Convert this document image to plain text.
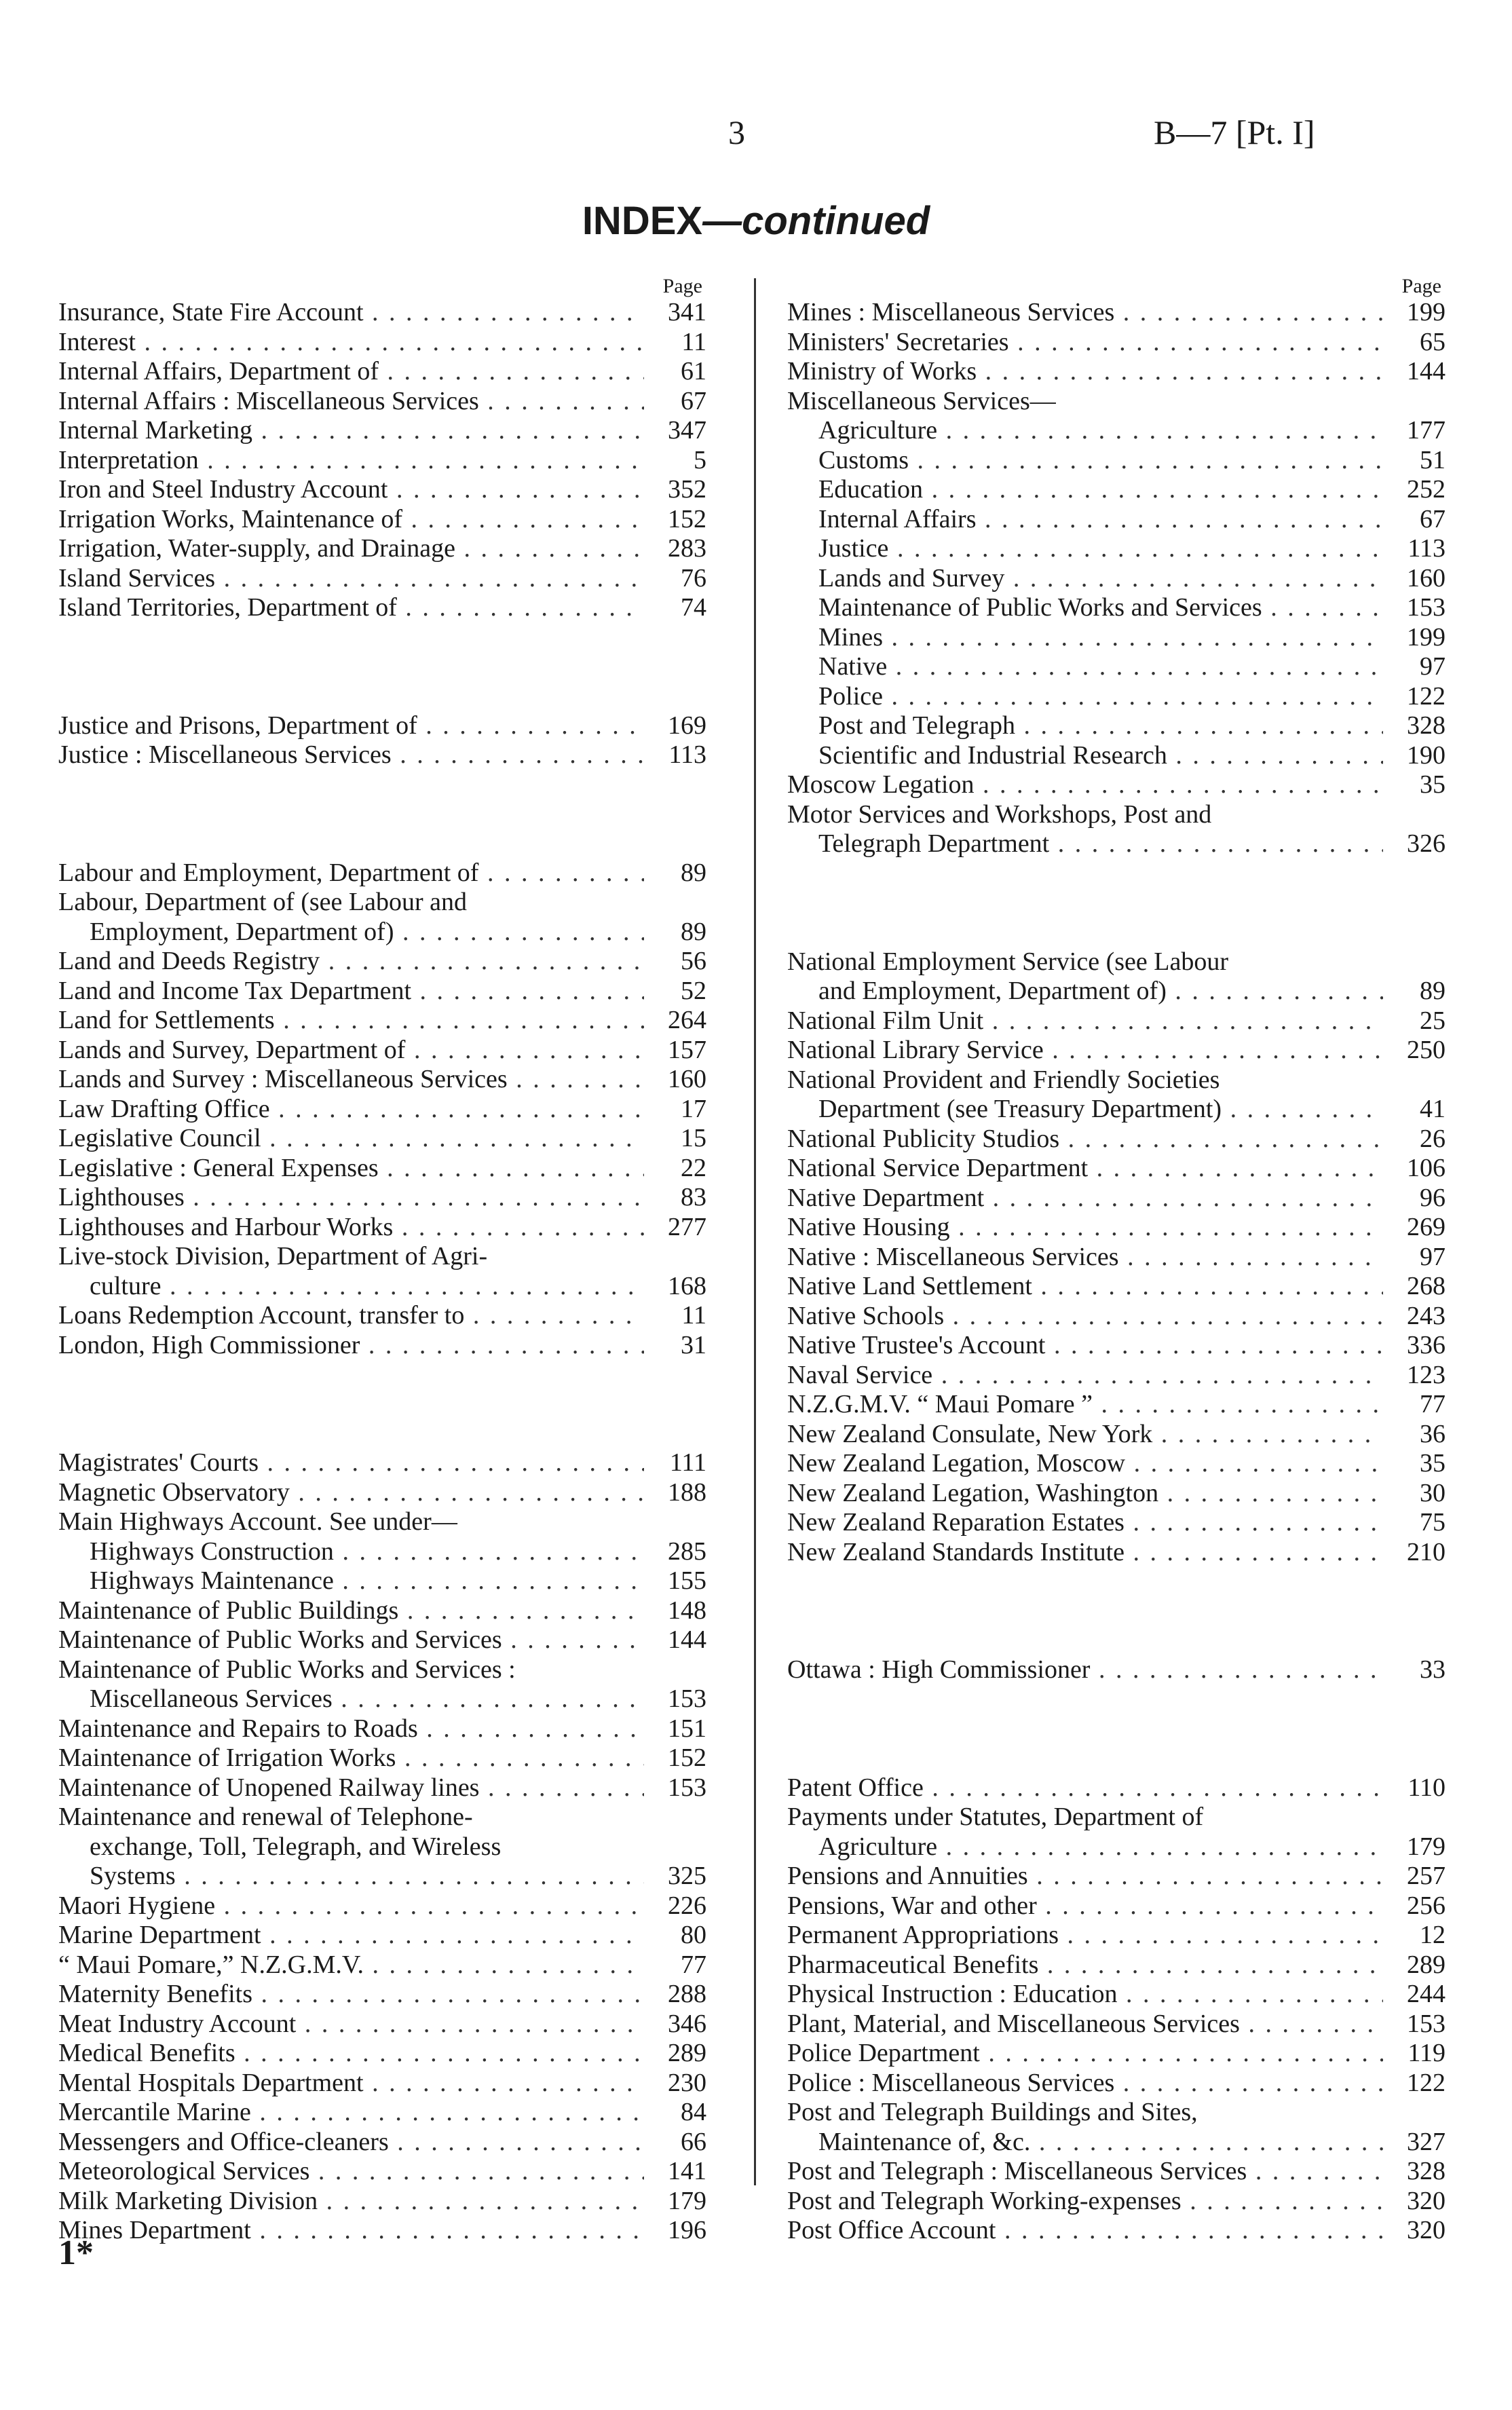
3	B—7 [Pt. I]
INDEX—continued
Page
Insurance, State Fire Account . .	341
Interest . .	11
Internal Affairs, Department of . .	61
Internal Affairs : Miscellaneous Services . .	67
Internal Marketing . .	347
Interpretation . .	5
Iron and Steel Industry Account . .	352
Irrigation Works, Maintenance of . .	152
Irrigation, Water-supply, and Drainage . .	283
Island Services . .	76
Island Territories, Department of . .	74
Justice and Prisons, Department of . .	169
Justice : Miscellaneous Services . .	113
Labour and Employment, Department of . .	89
Labour, Department of (see Labour and
Employment, Department of) . .	89
Land and Deeds Registry . .	56
Land and Income Tax Department . .	52
Land for Settlements . .	264
Lands and Survey, Department of . .	157
Lands and Survey : Miscellaneous Services . .	160
Law Drafting Office . .	17
Legislative Council . .	15
Legislative : General Expenses . .	22
Lighthouses . .	83
Lighthouses and Harbour Works . .	277
Live-stock Division, Department of Agri-
culture . .	168
Loans Redemption Account, transfer to . .	11
London, High Commissioner . .	31
Magistrates' Courts . .	111
Magnetic Observatory . .	188
Main Highways Account. See under—
Highways Construction . .	285
Highways Maintenance . .	155
Maintenance of Public Buildings . .	148
Maintenance of Public Works and Services . .	144
Maintenance of Public Works and Services :
Miscellaneous Services . .	153
Maintenance and Repairs to Roads . .	151
Maintenance of Irrigation Works . .	152
Maintenance of Unopened Railway lines . .	153
Maintenance and renewal of Telephone-
exchange, Toll, Telegraph, and Wireless
Systems . .	325
Maori Hygiene . .	226
Marine Department . .	80
“ Maui Pomare,” N.Z.G.M.V. . .	77
Maternity Benefits . .	288
Meat Industry Account . .	346
Medical Benefits . .	289
Mental Hospitals Department . .	230
Mercantile Marine . .	84
Messengers and Office-cleaners . .	66
Meteorological Services . .	141
Milk Marketing Division . .	179
Mines Department . .	196
Page
Mines : Miscellaneous Services . .	199
Ministers' Secretaries . .	65
Ministry of Works . .	144
Miscellaneous Services—
Agriculture . .	177
Customs . .	51
Education . .	252
Internal Affairs . .	67
Justice . .	113
Lands and Survey . .	160
Maintenance of Public Works and Services . .	153
Mines . .	199
Native . .	97
Police . .	122
Post and Telegraph . .	328
Scientific and Industrial Research . .	190
Moscow Legation . .	35
Motor Services and Workshops, Post and
Telegraph Department . .	326
National Employment Service (see Labour
and Employment, Department of) . .	89
National Film Unit . .	25
National Library Service . .	250
National Provident and Friendly Societies
Department (see Treasury Department) . .	41
National Publicity Studios . .	26
National Service Department . .	106
Native Department . .	96
Native Housing . .	269
Native : Miscellaneous Services . .	97
Native Land Settlement . .	268
Native Schools . .	243
Native Trustee's Account . .	336
Naval Service . .	123
N.Z.G.M.V. “ Maui Pomare ” . .	77
New Zealand Consulate, New York . .	36
New Zealand Legation, Moscow . .	35
New Zealand Legation, Washington . .	30
New Zealand Reparation Estates . .	75
New Zealand Standards Institute . .	210
Ottawa : High Commissioner . .	33
Patent Office . .	110
Payments under Statutes, Department of
Agriculture . .	179
Pensions and Annuities . .	257
Pensions, War and other . .	256
Permanent Appropriations . .	12
Pharmaceutical Benefits . .	289
Physical Instruction : Education . .	244
Plant, Material, and Miscellaneous Services . .	153
Police Department . .	119
Police : Miscellaneous Services . .	122
Post and Telegraph Buildings and Sites,
Maintenance of, &c. . .	327
Post and Telegraph : Miscellaneous Services . .	328
Post and Telegraph Working-expenses . .	320
Post Office Account . .	320
1*
